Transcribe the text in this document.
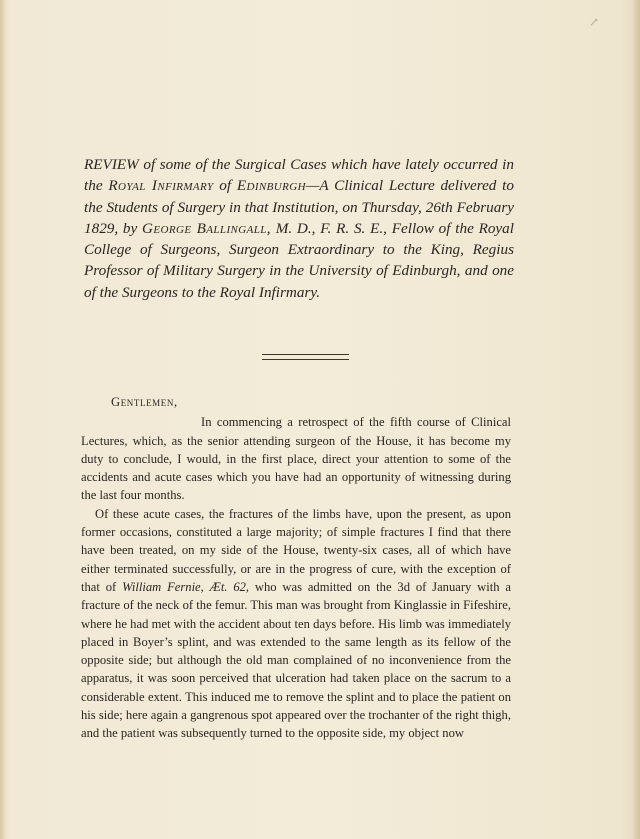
↗

REVIEW of some of the Surgical Cases which have lately occurred in the Royal Infirmary of Edinburgh—A Clinical Lecture delivered to the Students of Surgery in that Institution, on Thursday, 26th February 1829, by George Ballingall, M. D., F. R. S. E., Fellow of the Royal College of Surgeons, Surgeon Extraordinary to the King, Regius Professor of Military Surgery in the University of Edinburgh, and one of the Surgeons to the Royal Infirmary.

Gentlemen,

In commencing a retrospect of the fifth course of Clinical Lectures, which, as the senior attending surgeon of the House, it has become my duty to conclude, I would, in the first place, direct your attention to some of the accidents and acute cases which you have had an opportunity of witnessing during the last four months.

Of these acute cases, the fractures of the limbs have, upon the present, as upon former occasions, constituted a large majority; of simple fractures I find that there have been treated, on my side of the House, twenty-six cases, all of which have either terminated successfully, or are in the progress of cure, with the exception of that of William Fernie, Æt. 62, who was admitted on the 3d of January with a fracture of the neck of the femur. This man was brought from Kinglassie in Fifeshire, where he had met with the accident about ten days before. His limb was immediately placed in Boyer’s splint, and was extended to the same length as its fellow of the opposite side; but although the old man complained of no inconvenience from the apparatus, it was soon perceived that ulceration had taken place on the sacrum to a considerable extent. This induced me to remove the splint and to place the patient on his side; here again a gangrenous spot appeared over the trochanter of the right thigh, and the patient was subsequently turned to the opposite side, my object now
